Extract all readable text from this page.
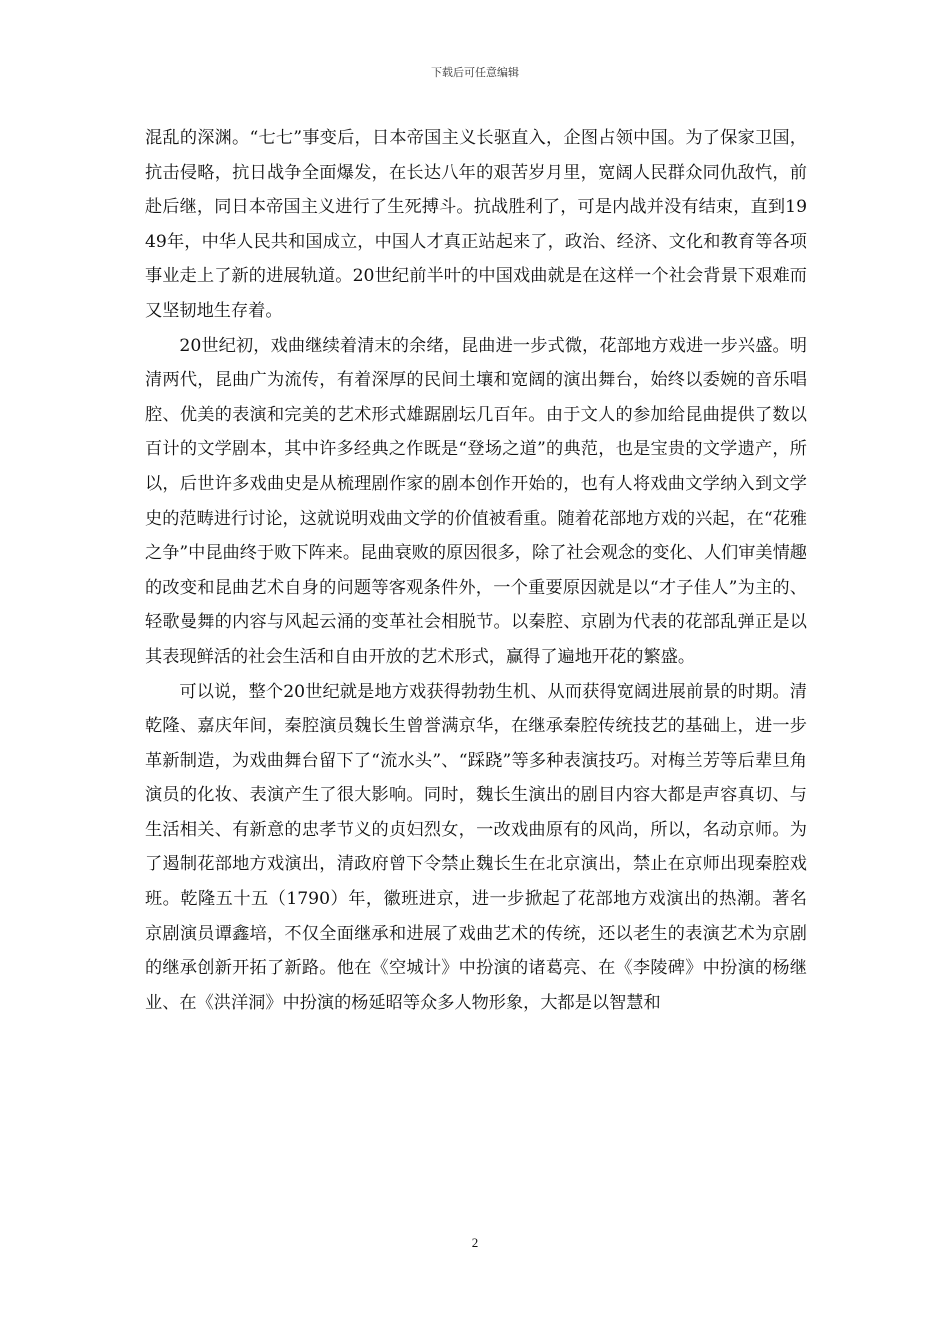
下载后可任意编辑

混乱的深渊。“七七”事变后，日本帝国主义长驱直入，企图占领中国。为了保家卫国，抗击侵略，抗日战争全面爆发，在长达八年的艰苦岁月里，宽阔人民群众同仇敌忾，前赴后继，同日本帝国主义进行了生死搏斗。抗战胜利了，可是内战并没有结束，直到1949年，中华人民共和国成立，中国人才真正站起来了，政治、经济、文化和教育等各项事业走上了新的进展轨道。20世纪前半叶的中国戏曲就是在这样一个社会背景下艰难而又坚韧地生存着。

20世纪初，戏曲继续着清末的余绪，昆曲进一步式微，花部地方戏进一步兴盛。明清两代，昆曲广为流传，有着深厚的民间土壤和宽阔的演出舞台，始终以委婉的音乐唱腔、优美的表演和完美的艺术形式雄踞剧坛几百年。由于文人的参加给昆曲提供了数以百计的文学剧本，其中许多经典之作既是“登场之道”的典范，也是宝贵的文学遗产，所以，后世许多戏曲史是从梳理剧作家的剧本创作开始的，也有人将戏曲文学纳入到文学史的范畴进行讨论，这就说明戏曲文学的价值被看重。随着花部地方戏的兴起，在“花雅之争”中昆曲终于败下阵来。昆曲衰败的原因很多，除了社会观念的变化、人们审美情趣的改变和昆曲艺术自身的问题等客观条件外，一个重要原因就是以“才子佳人”为主的、轻歌曼舞的内容与风起云涌的变革社会相脱节。以秦腔、京剧为代表的花部乱弹正是以其表现鲜活的社会生活和自由开放的艺术形式，赢得了遍地开花的繁盛。

可以说，整个20世纪就是地方戏获得勃勃生机、从而获得宽阔进展前景的时期。清乾隆、嘉庆年间，秦腔演员魏长生曾誉满京华，在继承秦腔传统技艺的基础上，进一步革新制造，为戏曲舞台留下了“流水头”、“踩跷”等多种表演技巧。对梅兰芳等后辈旦角演员的化妆、表演产生了很大影响。同时，魏长生演出的剧目内容大都是声容真切、与生活相关、有新意的忠孝节义的贞妇烈女，一改戏曲原有的风尚，所以，名动京师。为了遏制花部地方戏演出，清政府曾下令禁止魏长生在北京演出，禁止在京师出现秦腔戏班。乾隆五十五（1790）年，徽班进京，进一步掀起了花部地方戏演出的热潮。著名京剧演员谭鑫培，不仅全面继承和进展了戏曲艺术的传统，还以老生的表演艺术为京剧的继承创新开拓了新路。他在《空城计》中扮演的诸葛亮、在《李陵碑》中扮演的杨继业、在《洪洋洞》中扮演的杨延昭等众多人物形象，大都是以智慧和

2
